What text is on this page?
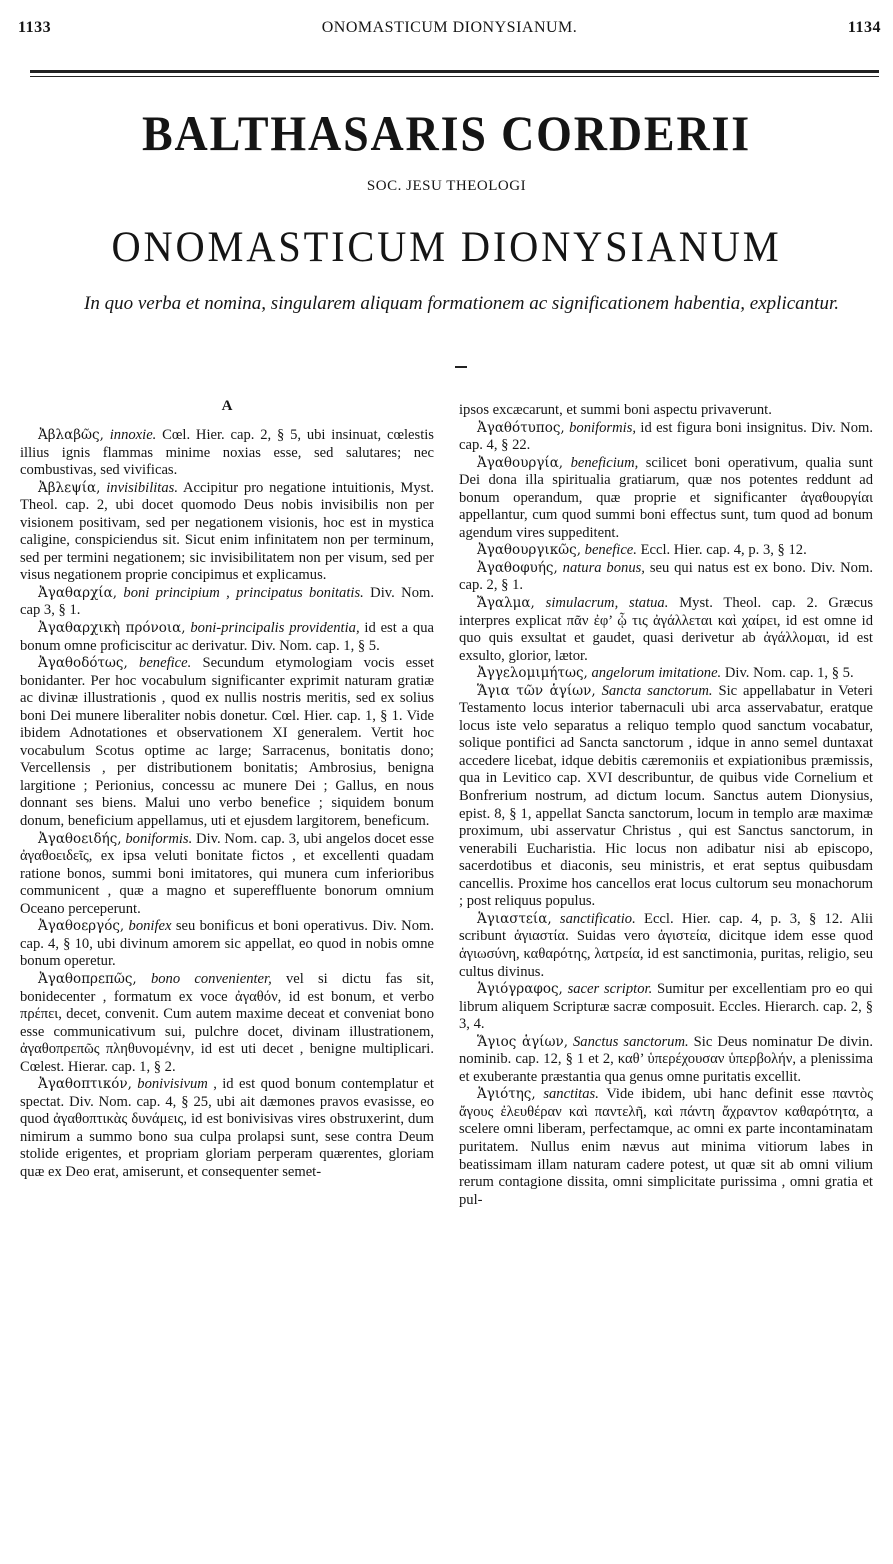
1133	ONOMASTICUM DIONYSIANUM.	1134
BALTHASARIS CORDERII
SOC. JESU THEOLOGI
ONOMASTICUM DIONYSIANUM
In quo verba et nomina, singularem aliquam formationem ac significationem habentia, explicantur.
A

Ἀβλαβῶς, innoxie. Cœl. Hier. cap. 2, § 5, ubi insinuat, cœlestis illius ignis flammas minime noxias esse, sed salutares; nec combustivas, sed vivificas.

Ἀβλεψία, invisibilitas. Accipitur pro negatione intuitionis, Myst. Theol. cap. 2, ubi docet quomodo Deus nobis invisibilis non per visionem positivam, sed per negationem visionis, hoc est in mystica caligine, conspiciendus sit. Sicut enim infinitatem non per terminum, sed per termini negationem; sic invisibilitatem non per visum, sed per visus negationem proprie concipimus et explicamus.

Ἀγαθαρχία, boni principium , principatus bonitatis. Div. Nom. cap 3, § 1.

Ἀγαθαρχικὴ πρόνοια, boni-principalis providentia, id est a qua bonum omne proficiscitur ac derivatur. Div. Nom. cap. 1, § 5.

Ἀγαθοδότως, benefice. Secundum etymologiam vocis esset bonidanter. Per hoc vocabulum significanter exprimit naturam gratiæ ac divinæ illustrationis , quod ex nullis nostris meritis, sed ex solius boni Dei munere liberaliter nobis donetur. Cœl. Hier. cap. 1, § 1. Vide ibidem Adnotationes et observationem XI generalem. Vertit hoc vocabulum Scotus optime ac large; Sarracenus, bonitatis dono; Vercellensis , per distributionem bonitatis; Ambrosius, benigna largitione ; Perionius, concessu ac munere Dei ; Gallus, en nous donnant ses biens. Malui uno verbo benefice ; siquidem bonum donum, beneficium appellamus, uti et ejusdem largitorem, beneficum.

Ἀγαθοειδής, boniformis. Div. Nom. cap. 3, ubi angelos docet esse ἀγαθοειδεῖς, ex ipsa veluti bonitate fictos , et excellenti quadam ratione bonos, summi boni imitatores, qui munera cum inferioribus communicent , quæ a magno et supereffluente bonorum omnium Oceano perceperunt.

Ἀγαθοεργός, bonifex seu bonificus et boni operativus. Div. Nom. cap. 4, § 10, ubi divinum amorem sic appellat, eo quod in nobis omne bonum operetur.

Ἀγαθοπρεπῶς, bono convenienter, vel si dictu fas sit, bonidecenter , formatum ex voce ἀγαθόν, id est bonum, et verbo πρέπει, decet, convenit. Cum autem maxime deceat et conveniat bono esse communicativum sui, pulchre docet, divinam illustrationem, ἀγαθοπρεπῶς πληθυνομένην, id est uti decet , benigne multiplicari. Cœlest. Hierar. cap. 1, § 2.

Ἀγαθοπτικόν, bonivisivum , id est quod bonum contemplatur et spectat. Div. Nom. cap. 4, § 25, ubi ait dæmones pravos evasisse, eo quod ἀγαθοπτικὰς δυνάμεις, id est bonivisivas vires obstruxerint, dum nimirum a summo bono sua culpa prolapsi sunt, sese contra Deum stolide erigentes, et propriam gloriam perperam quærentes, gloriam quæ ex Deo erat, amiserunt, et consequenter semet-

ipsos excæcarunt, et summi boni aspectu privaverunt.

Ἀγαθότυπος, boniformis, id est figura boni insignitus. Div. Nom. cap. 4, § 22.

Ἀγαθουργία, beneficium, scilicet boni operativum, qualia sunt Dei dona illa spiritualia gratiarum, quæ nos potentes reddunt ad bonum operandum, quæ proprie et significanter ἀγαθουργίαι appellantur, cum quod summi boni effectus sunt, tum quod ad bonum agendum vires suppeditent.

Ἀγαθουργικῶς, benefice. Eccl. Hier. cap. 4, p. 3, § 12.

Ἀγαθοφυής, natura bonus, seu qui natus est ex bono. Div. Nom. cap. 2, § 1.

Ἄγαλμα, simulacrum, statua. Myst. Theol. cap. 2. Græcus interpres explicat πᾶν ἐφ’ ᾧ τις ἀγάλλεται καὶ χαίρει, id est omne id quo quis exsultat et gaudet, quasi derivetur ab ἀγάλλομαι, id est exsulto, glorior, lætor.

Ἀγγελομιμήτως, angelorum imitatione. Div. Nom. cap. 1, § 5.

Ἅγια τῶν ἁγίων, Sancta sanctorum. Sic appellabatur in Veteri Testamento locus interior tabernaculi ubi arca asservabatur, eratque locus iste velo separatus a reliquo templo quod sanctum vocabatur, solique pontifici ad Sancta sanctorum , idque in anno semel duntaxat accedere licebat, idque debitis cæremoniis et expiationibus præmissis, qua in Levitico cap. XVI describuntur, de quibus vide Cornelium et Bonfrerium nostrum, ad dictum locum. Sanctus autem Dionysius, epist. 8, § 1, appellat Sancta sanctorum, locum in templo aræ maximæ proximum, ubi asservatur Christus , qui est Sanctus sanctorum, in venerabili Eucharistia. Hic locus non adibatur nisi ab episcopo, sacerdotibus et diaconis, seu ministris, et erat septus quibusdam cancellis. Proxime hos cancellos erat locus cultorum seu monachorum ; post reliquus populus.

Ἁγιαστεία, sanctificatio. Eccl. Hier. cap. 4, p. 3, § 12. Alii scribunt ἁγιαστία. Suidas vero ἁγιστεία, dicitque idem esse quod ἁγιωσύνη, καθαρότης, λατρεία, id est sanctimonia, puritas, religio, seu cultus divinus.

Ἁγιόγραφος, sacer scriptor. Sumitur per excellentiam pro eo qui librum aliquem Scripturæ sacræ composuit. Eccles. Hierarch. cap. 2, § 3, 4.

Ἅγιος ἁγίων, Sanctus sanctorum. Sic Deus nominatur De divin. nominib. cap. 12, § 1 et 2, καθ’ ὑπερέχουσαν ὑπερβολήν, a plenissima et exuberante præstantia qua genus omne puritatis excellit.

Ἁγιότης, sanctitas. Vide ibidem, ubi hanc definit esse παντὸς ἄγους ἐλευθέραν καὶ παντελῆ, καὶ πάντη ἄχραντον καθαρότητα, a scelere omni liberam, perfectamque, ac omni ex parte incontaminatam puritatem. Nullus enim nævus aut minima vitiorum labes in beatissimam illam naturam cadere potest, ut quæ sit ab omni vilium rerum contagione dissita, omni simplicitate purissima , omni gratia et pul-
